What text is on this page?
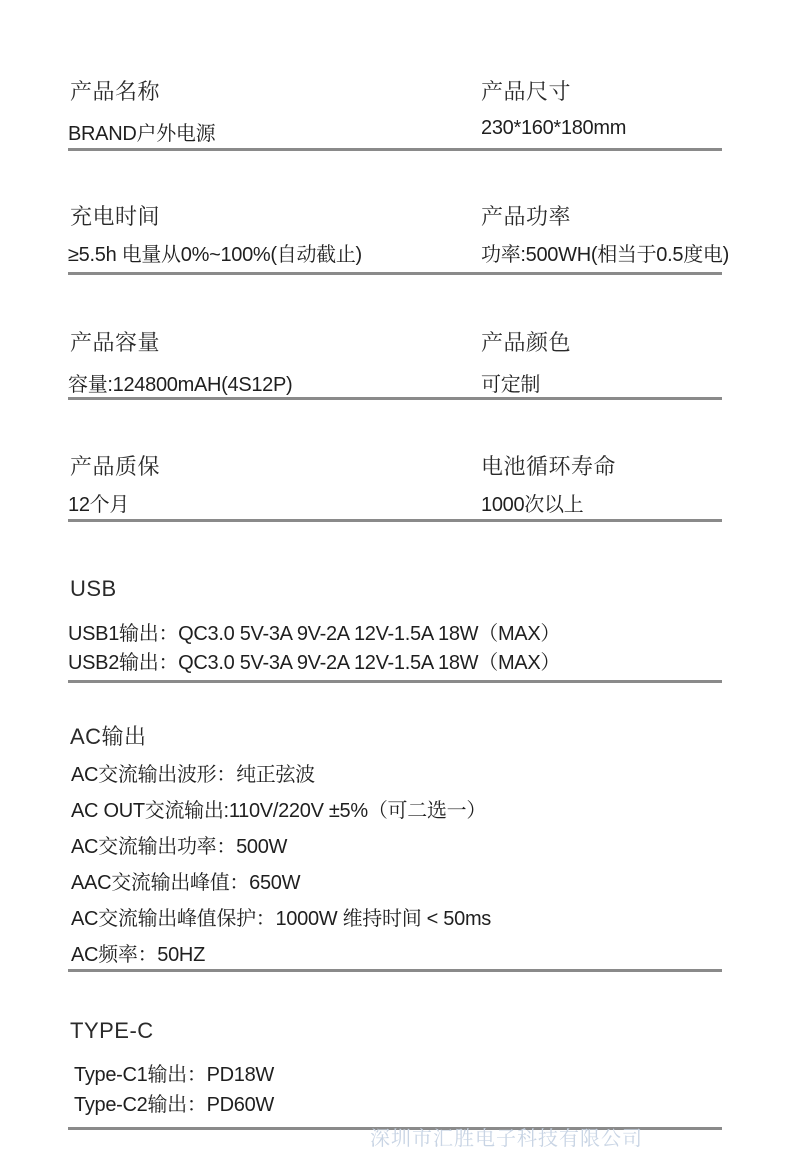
产品名称
BRAND户外电源
产品尺寸
230*160*180mm
充电时间
≥5.5h 电量从0%~100%(自动截止)
产品功率
功率:500WH(相当于0.5度电)
产品容量
容量:124800mAH(4S12P)
产品颜色
可定制
产品质保
12个月
电池循环寿命
1000次以上
USB
USB1输出：QC3.0 5V-3A 9V-2A 12V-1.5A 18W（MAX）
USB2输出：QC3.0 5V-3A 9V-2A 12V-1.5A 18W（MAX）
AC输出
AC交流输出波形：纯正弦波
AC OUT交流输出:110V/220V ±5%（可二选一）
AC交流输出功率：500W
AAC交流输出峰值：650W
AC交流输出峰值保护：1000W 维持时间 < 50ms
AC频率：50HZ
TYPE-C
Type-C1输出：PD18W
Type-C2输出：PD60W
深圳市汇胜电子科技有限公司
